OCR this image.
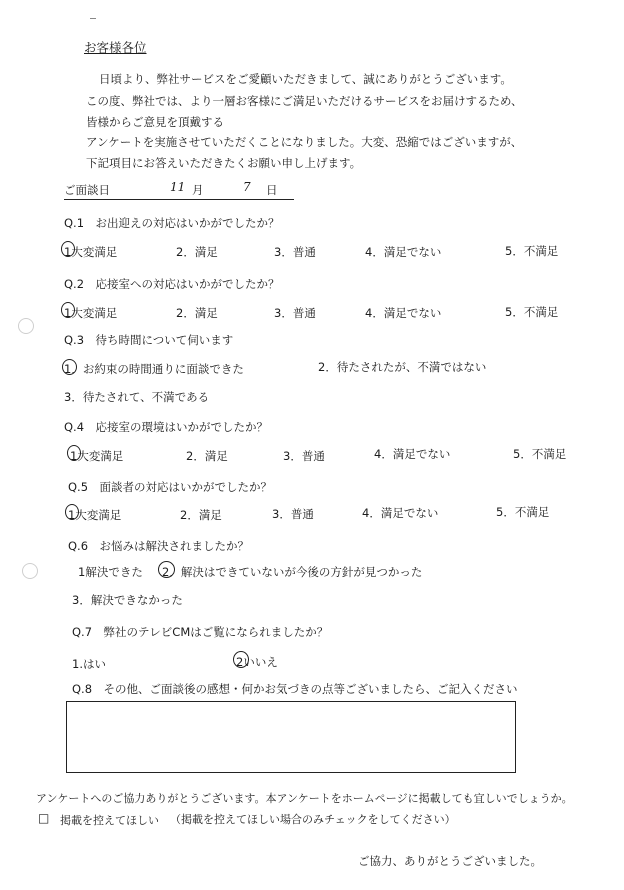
お客様各位
日頃より、弊社サービスをご愛顧いただきまして、誠にありがとうございます。
この度、弊社では、より一層お客様にご満足いただけるサービスをお届けするため、
皆様からご意見を頂戴する
アンケートを実施させていただくことになりました。大変、恐縮ではございますが、
下記項目にお答えいただきたくお願い申し上げます。
ご面談日	11 月	7 日
Q.1　お出迎えの対応はいかがでしたか？
1大変満足	2．満足	3．普通	4．満足でない	5．不満足
Q.2　応接室への対応はいかがでしたか？
1大変満足	2．満足	3．普通	4．満足でない	5．不満足
Q.3　待ち時間について伺います
1．お約束の時間通りに面談できた	2．待たされたが、不満ではない
3．待たされて、不満である
Q.4　応接室の環境はいかがでしたか？
1大変満足	2．満足	3．普通	4．満足でない	5．不満足
Q.5　面談者の対応はいかがでしたか？
1大変満足	2．満足	3．普通	4．満足でない	5．不満足
Q.6　お悩みは解決されましたか？
1解決できた 2．解決はできていないが今後の方針が見つかった
3．解決できなかった
Q.7　弊社のテレビCMはご覧になられましたか？
1.はい	2いいえ
Q.8　その他、ご面談後の感想・何かお気づきの点等ございましたら、ご記入ください
アンケートへのご協力ありがとうございます。本アンケートをホームページに掲載しても宜しいでしょうか。
□ 掲載を控えてほしい （掲載を控えてほしい場合のみチェックをしてください）
ご協力、ありがとうございました。
